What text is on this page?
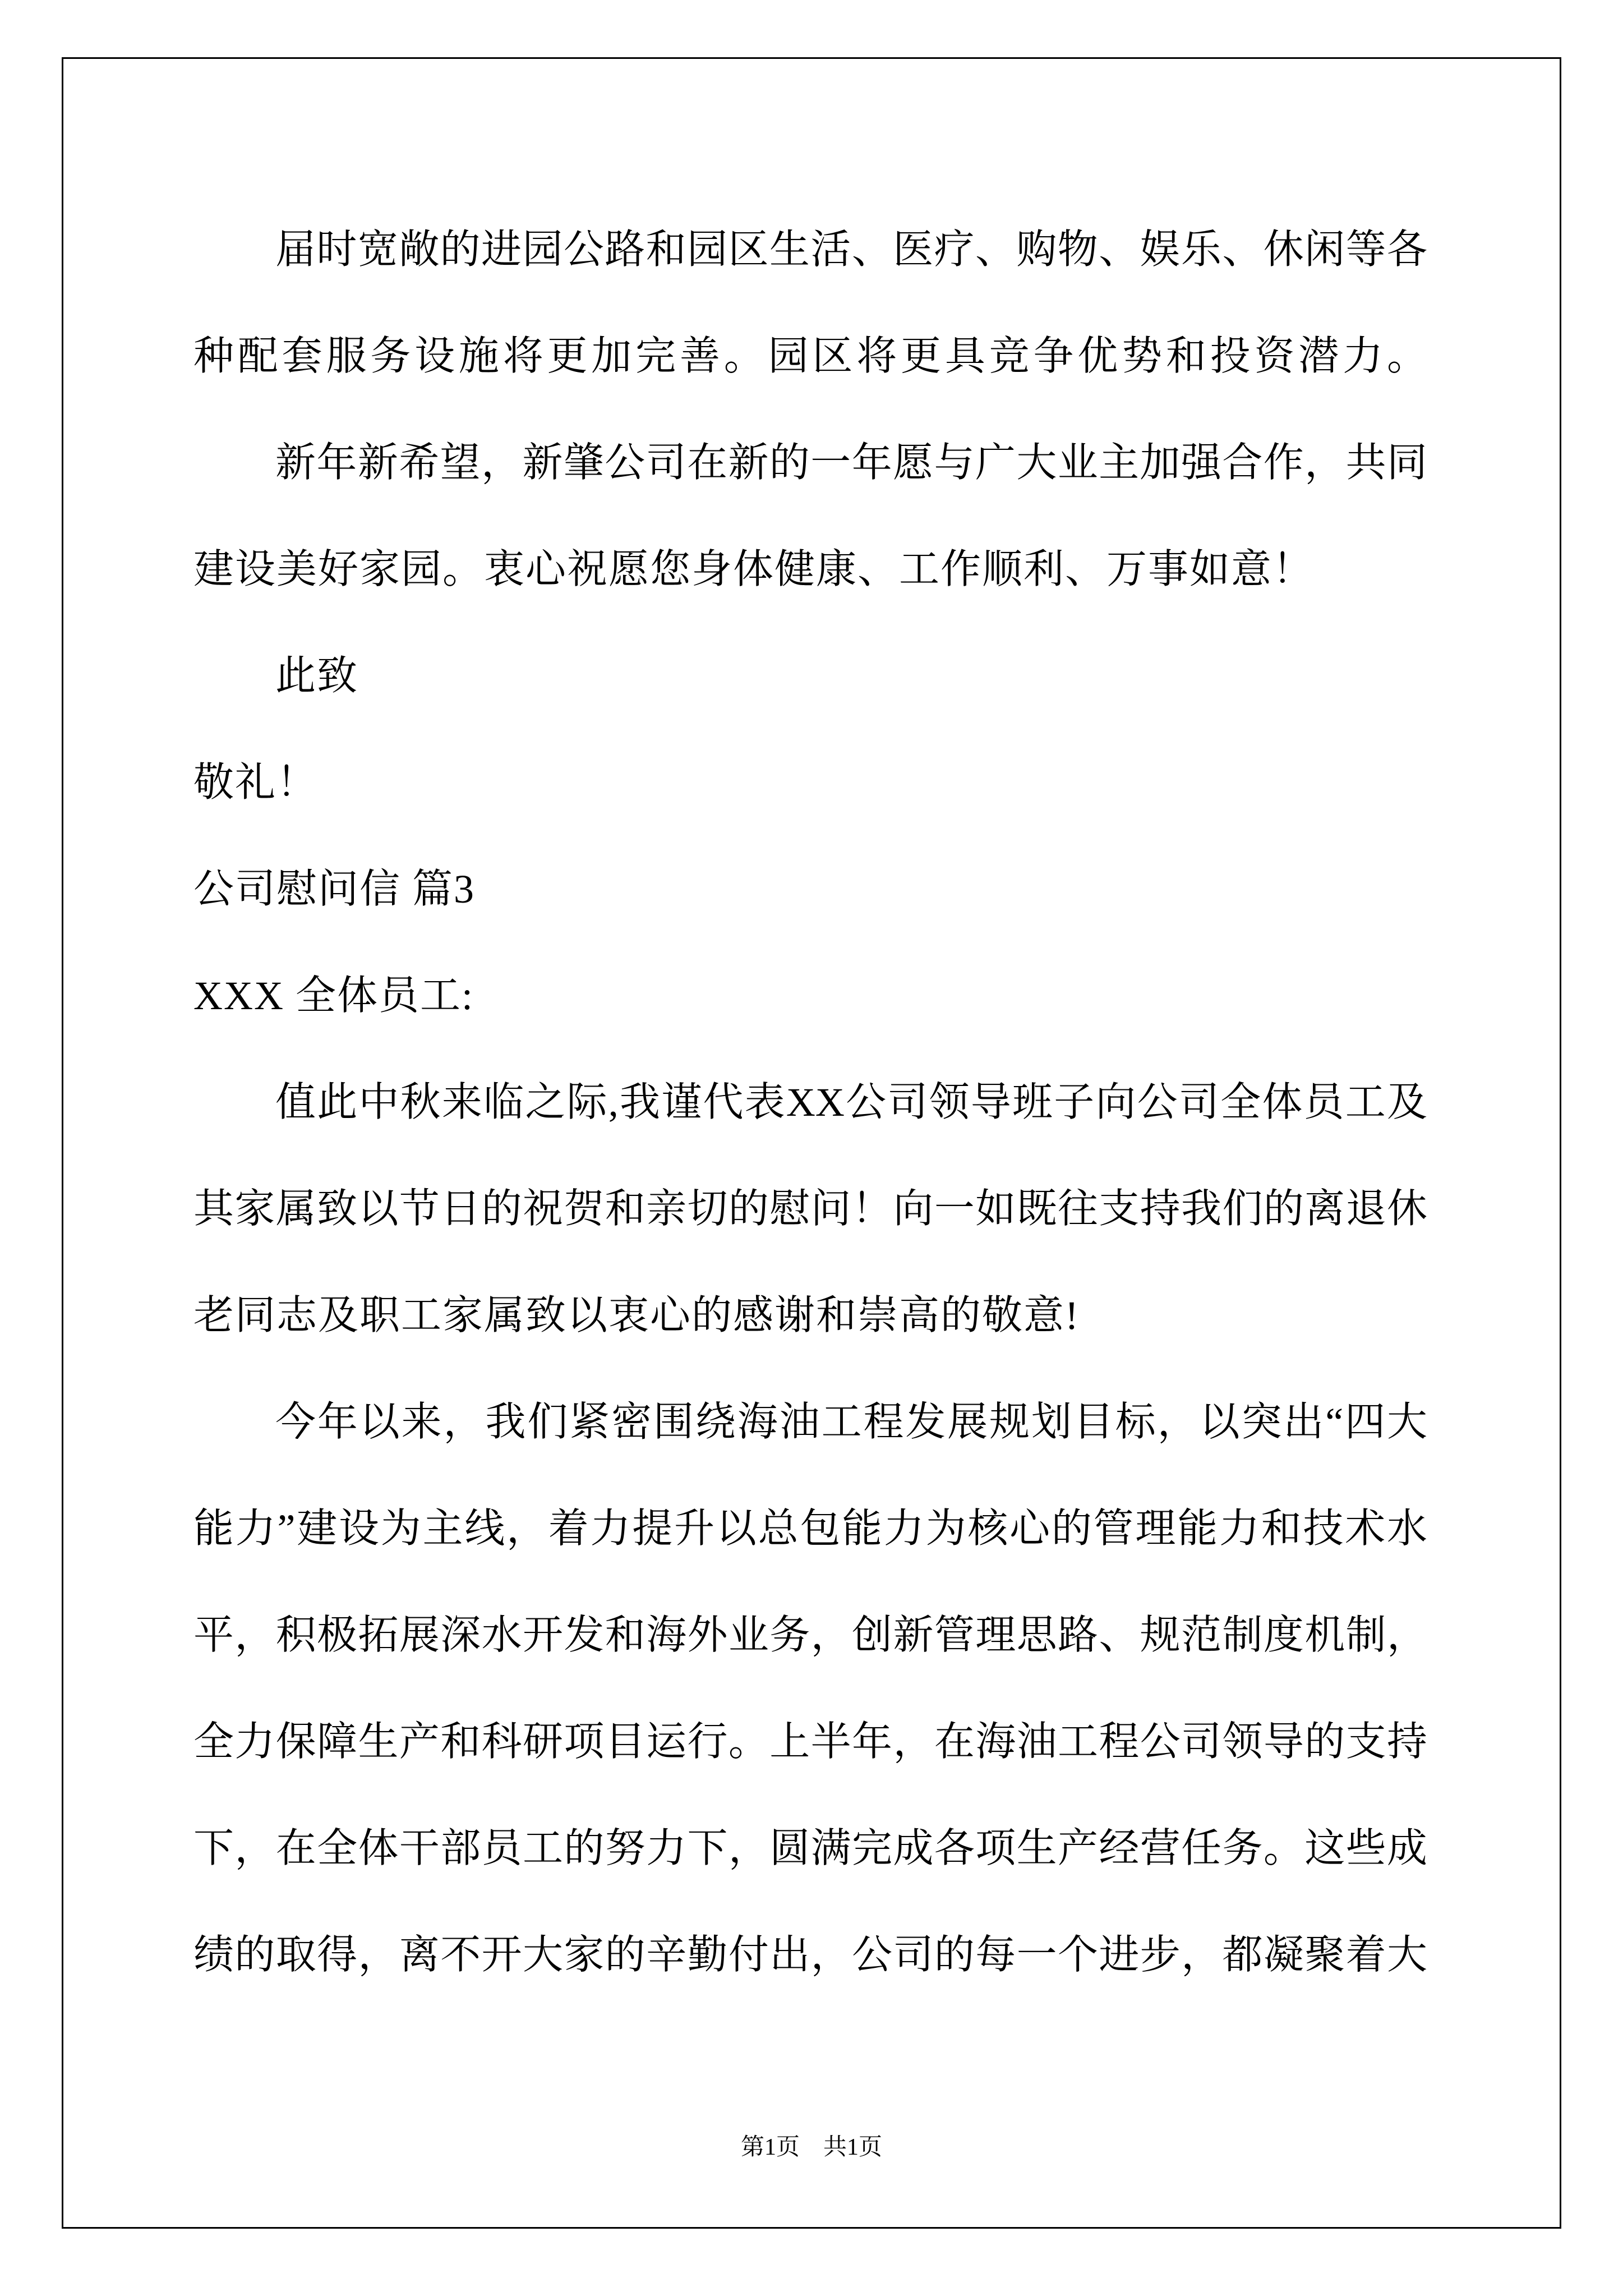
届时宽敞的进园公路和园区生活、医疗、购物、娱乐、休闲等各
种配套服务设施将更加完善。园区将更具竞争优势和投资潜力。
新年新希望，新肇公司在新的一年愿与广大业主加强合作，共同
建设美好家园。衷心祝愿您身体健康、工作顺利、万事如意！
此致
敬礼！
公司慰问信 篇3
XXX 全体员工:
值此中秋来临之际,我谨代表XX公司领导班子向公司全体员工及
其家属致以节日的祝贺和亲切的慰问！向一如既往支持我们的离退休
老同志及职工家属致以衷心的感谢和崇高的敬意!
今年以来，我们紧密围绕海油工程发展规划目标，以突出“四大
能力”建设为主线，着力提升以总包能力为核心的管理能力和技术水
平，积极拓展深水开发和海外业务，创新管理思路、规范制度机制，
全力保障生产和科研项目运行。上半年，在海油工程公司领导的支持
下，在全体干部员工的努力下，圆满完成各项生产经营任务。这些成
绩的取得，离不开大家的辛勤付出，公司的每一个进步，都凝聚着大
第1页　共1页
